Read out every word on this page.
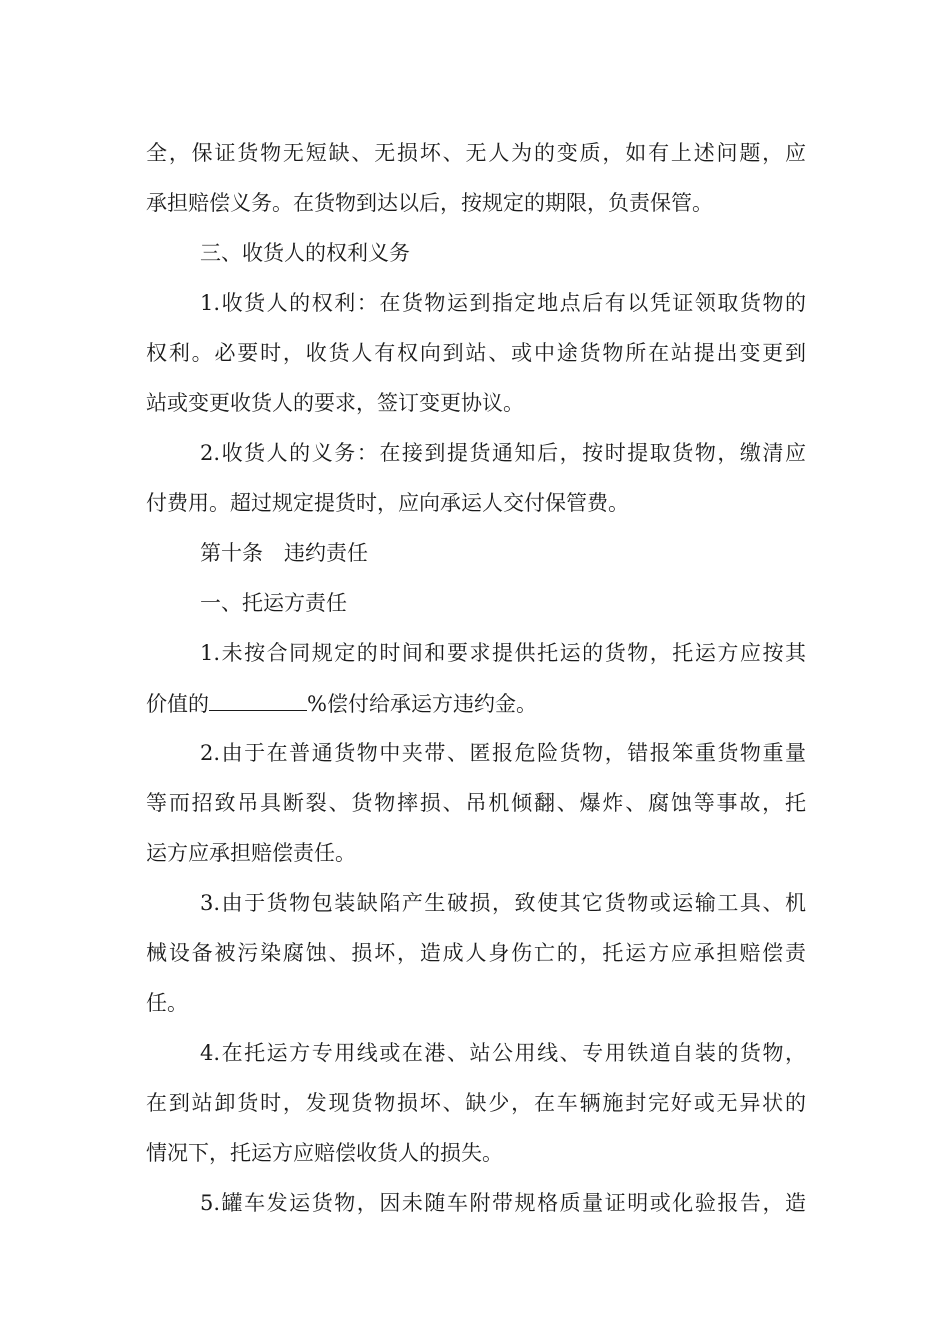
全，保证货物无短缺、无损坏、无人为的变质，如有上述问题，应
承担赔偿义务。在货物到达以后，按规定的期限，负责保管。
三、收货人的权利义务
1.收货人的权利：在货物运到指定地点后有以凭证领取货物的
权利。必要时，收货人有权向到站、或中途货物所在站提出变更到
站或变更收货人的要求，签订变更协议。
2.收货人的义务：在接到提货通知后，按时提取货物，缴清应
付费用。超过规定提货时，应向承运人交付保管费。
第十条　违约责任
一、托运方责任
1.未按合同规定的时间和要求提供托运的货物，托运方应按其
价值的	%偿付给承运方违约金。
2.由于在普通货物中夹带、匿报危险货物，错报笨重货物重量
等而招致吊具断裂、货物摔损、吊机倾翻、爆炸、腐蚀等事故，托
运方应承担赔偿责任。
3.由于货物包装缺陷产生破损，致使其它货物或运输工具、机
械设备被污染腐蚀、损坏，造成人身伤亡的，托运方应承担赔偿责
任。
4.在托运方专用线或在港、站公用线、专用铁道自装的货物，
在到站卸货时，发现货物损坏、缺少，在车辆施封完好或无异状的
情况下，托运方应赔偿收货人的损失。
5.罐车发运货物，因未随车附带规格质量证明或化验报告，造
